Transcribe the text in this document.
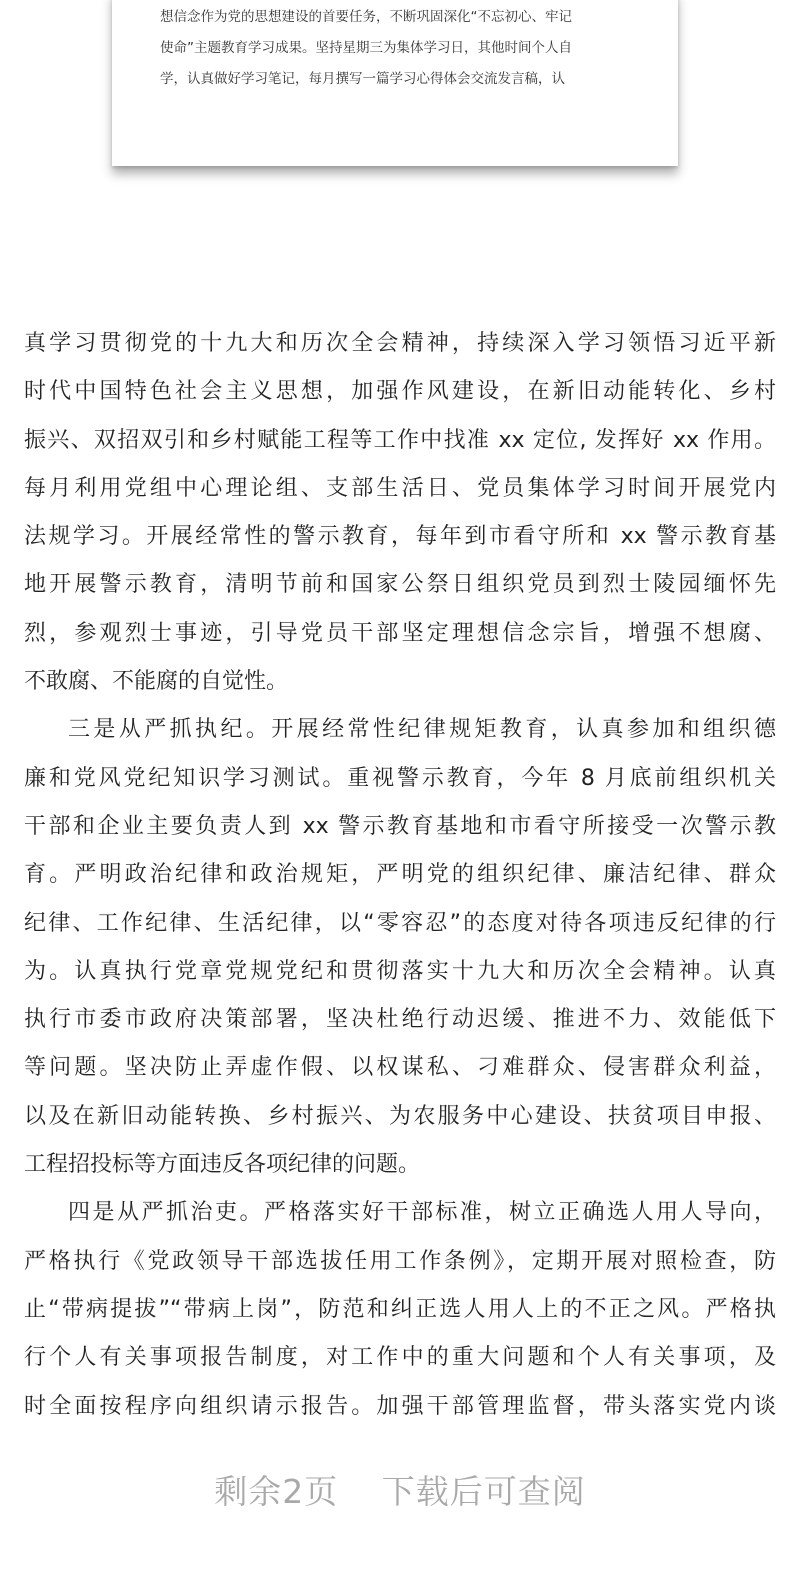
想信念作为党的思想建设的首要任务，不断巩固深化“不忘初心、牢记
使命”主题教育学习成果。坚持星期三为集体学习日，其他时间个人自
学，认真做好学习笔记，每月撰写一篇学习心得体会交流发言稿，认
真学习贯彻党的十九大和历次全会精神，持续深入学习领悟习近平新
时代中国特色社会主义思想，加强作风建设，在新旧动能转化、乡村
振兴、双招双引和乡村赋能工程等工作中找准 xx 定位, 发挥好 xx 作用。
每月利用党组中心理论组、支部生活日、党员集体学习时间开展党内
法规学习。开展经常性的警示教育，每年到市看守所和 xx 警示教育基
地开展警示教育，清明节前和国家公祭日组织党员到烈士陵园缅怀先
烈，参观烈士事迹，引导党员干部坚定理想信念宗旨，增强不想腐、
不敢腐、不能腐的自觉性。
三是从严抓执纪。开展经常性纪律规矩教育，认真参加和组织德
廉和党风党纪知识学习测试。重视警示教育，今年 8 月底前组织机关
干部和企业主要负责人到 xx 警示教育基地和市看守所接受一次警示教
育。严明政治纪律和政治规矩，严明党的组织纪律、廉洁纪律、群众
纪律、工作纪律、生活纪律，以“零容忍”的态度对待各项违反纪律的行
为。认真执行党章党规党纪和贯彻落实十九大和历次全会精神。认真
执行市委市政府决策部署，坚决杜绝行动迟缓、推进不力、效能低下
等问题。坚决防止弄虚作假、以权谋私、刁难群众、侵害群众利益，
以及在新旧动能转换、乡村振兴、为农服务中心建设、扶贫项目申报、
工程招投标等方面违反各项纪律的问题。
四是从严抓治吏。严格落实好干部标准，树立正确选人用人导向，
严格执行《党政领导干部选拔任用工作条例》，定期开展对照检查，防
止“带病提拔”“带病上岗”，防范和纠正选人用人上的不正之风。严格执
行个人有关事项报告制度，对工作中的重大问题和个人有关事项，及
时全面按程序向组织请示报告。加强干部管理监督，带头落实党内谈
剩余2页 下载后可查阅
